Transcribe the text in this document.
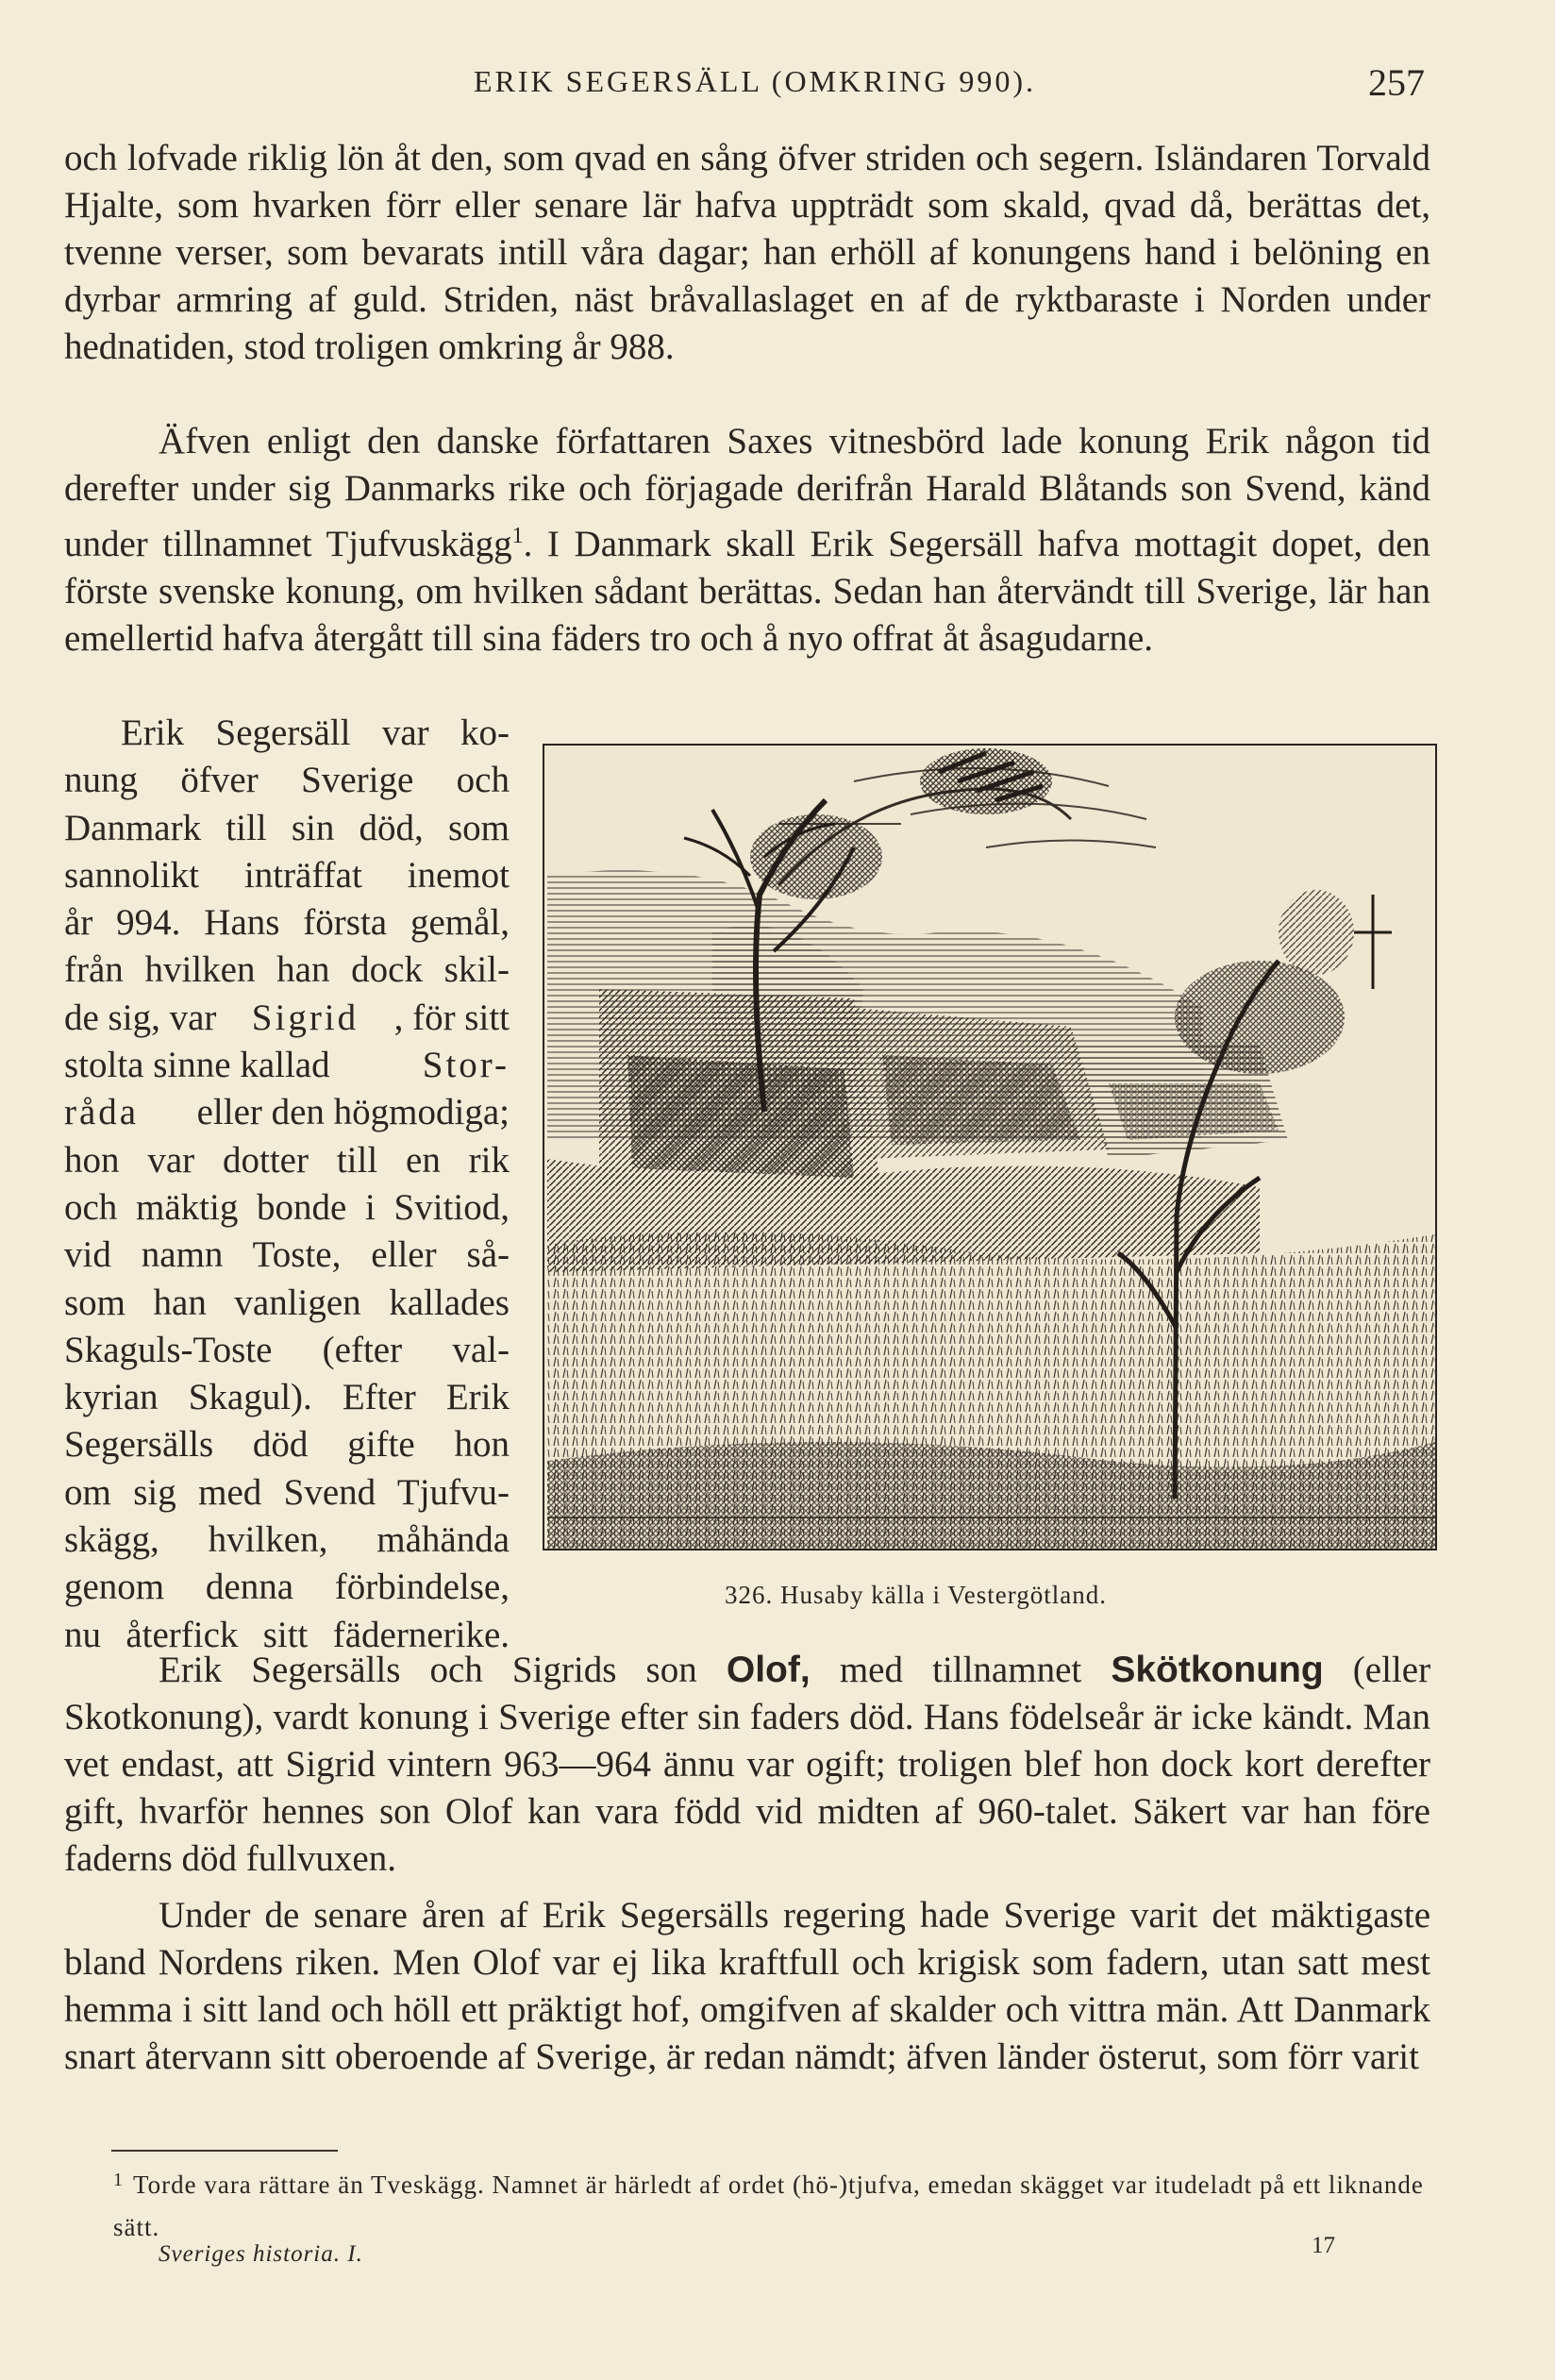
ERIK SEGERSÄLL (OMKRING 990).	257

och lofvade riklig lön åt den, som qvad en sång öfver striden och segern. Isländaren Torvald Hjalte, som hvarken förr eller senare lär hafva uppträdt som skald, qvad då, berättas det, tvenne verser, som bevarats intill våra dagar; han erhöll af konungens hand i belöning en dyrbar armring af guld. Striden, näst bråvallaslaget en af de ryktbaraste i Norden under hednatiden, stod troligen omkring år 988.

Äfven enligt den danske författaren Saxes vitnesbörd lade konung Erik någon tid derefter under sig Danmarks rike och förjagade derifrån Harald Blåtands son Svend, känd under tillnamnet Tjufvuskägg$^1$. I Danmark skall Erik Segersäll hafva mottagit dopet, den förste svenske konung, om hvilken sådant berättas. Sedan han återvändt till Sverige, lär han emellertid hafva återgått till sina fäders tro och å nyo offrat åt åsagudarne.

Erik Segersäll var ko-
nung öfver Sverige och
Danmark till sin död, som
sannolikt inträffat inemot
år 994. Hans första gemål,
från hvilken han dock skil-
de sig, var Sigrid , för sitt
stolta sinne kallad	Stor-
råda eller den högmodiga;
hon var dotter till en rik
och mäktig bonde i Svitiod,
vid namn Toste, eller så-
som han vanligen kallades
Skaguls-Toste (efter val-
kyrian Skagul). Efter Erik
Segersälls död gifte hon
om sig med Svend Tjufvu-
skägg, hvilken, måhända
genom denna förbindelse,
nu återfick sitt fädernerike.
326. Husaby källa i Vestergötland.

Erik Segersälls och Sigrids son Olof, med tillnamnet Skötkonung (eller Skotkonung), vardt konung i Sverige efter sin faders död. Hans födelseår är icke kändt. Man vet endast, att Sigrid vintern 963—964 ännu var ogift; troligen blef hon dock kort derefter gift, hvarför hennes son Olof kan vara född vid midten af 960-talet. Säkert var han före faderns död fullvuxen.

Under de senare åren af Erik Segersälls regering hade Sverige varit det mäktigaste bland Nordens riken. Men Olof var ej lika kraftfull och krigisk som fadern, utan satt mest hemma i sitt land och höll ett präktigt hof, omgifven af skalder och vittra män. Att Danmark snart återvann sitt oberoende af Sverige, är redan nämdt; äfven länder österut, som förr varit

$^1$ Torde vara rättare än Tveskägg. Namnet är härledt af ordet (hö-)tjufva, emedan skägget var itudeladt på ett liknande sätt.

Sveriges historia. I.	17
